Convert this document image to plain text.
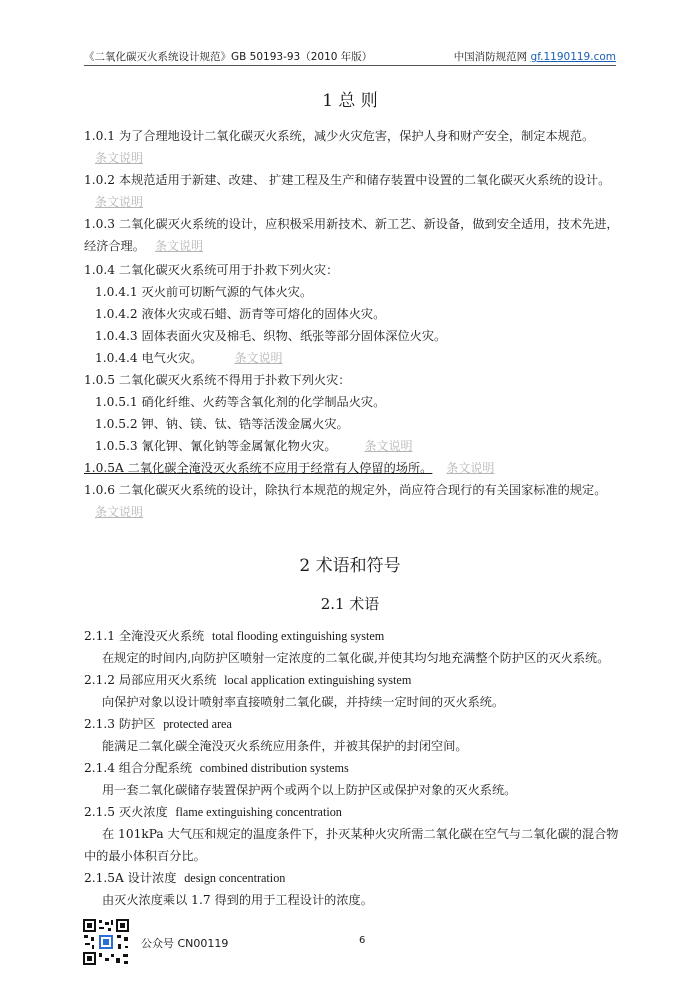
《二氧化碳灭火系统设计规范》GB 50193-93（2010 年版）	中国消防规范网 gf.1190119.com
1 总 则
1.0.1 为了合理地设计二氧化碳灭火系统，减少火灾危害，保护人身和财产安全，制定本规范。
条文说明
1.0.2 本规范适用于新建、改建、 扩建工程及生产和储存装置中设置的二氧化碳灭火系统的设计。
条文说明
1.0.3 二氧化碳灭火系统的设计，应积极采用新技术、新工艺、新设备，做到安全适用，技术先进，
经济合理。 条文说明
1.0.4 二氧化碳灭火系统可用于扑救下列火灾：
1.0.4.1 灭火前可切断气源的气体火灾。
1.0.4.2 液体火灾或石蜡、沥青等可熔化的固体火灾。
1.0.4.3 固体表面火灾及棉毛、织物、纸张等部分固体深位火灾。
1.0.4.4 电气火灾。	条文说明
1.0.5 二氧化碳灭火系统不得用于扑救下列火灾：
1.0.5.1 硝化纤维、火药等含氧化剂的化学制品火灾。
1.0.5.2 钾、钠、镁、钛、锆等活泼金属火灾。
1.0.5.3 氰化钾、氰化钠等金属氰化物火灾。 条文说明
1.0.5A 二氧化碳全淹没灭火系统不应用于经常有人停留的场所。 条文说明
1.0.6 二氧化碳灭火系统的设计，除执行本规范的规定外，尚应符合现行的有关国家标准的规定。
条文说明
2 术语和符号
2.1 术语
2.1.1 全淹没灭火系统 total flooding extinguishing system
在规定的时间内,向防护区喷射一定浓度的二氧化碳,并使其均匀地充满整个防护区的灭火系统。
2.1.2 局部应用灭火系统 local application extinguishing system
向保护对象以设计喷射率直接喷射二氧化碳，并持续一定时间的灭火系统。
2.1.3 防护区 protected area
能满足二氧化碳全淹没灭火系统应用条件，并被其保护的封闭空间。
2.1.4 组合分配系统 combined distribution systems
用一套二氧化碳储存装置保护两个或两个以上防护区或保护对象的灭火系统。
2.1.5 灭火浓度 flame extinguishing concentration
在 101kPa 大气压和规定的温度条件下，扑灭某种火灾所需二氧化碳在空气与二氧化碳的混合物
中的最小体积百分比。
2.1.5A 设计浓度 design concentration
由灭火浓度乘以 1.7 得到的用于工程设计的浓度。
公众号 CN00119	6
